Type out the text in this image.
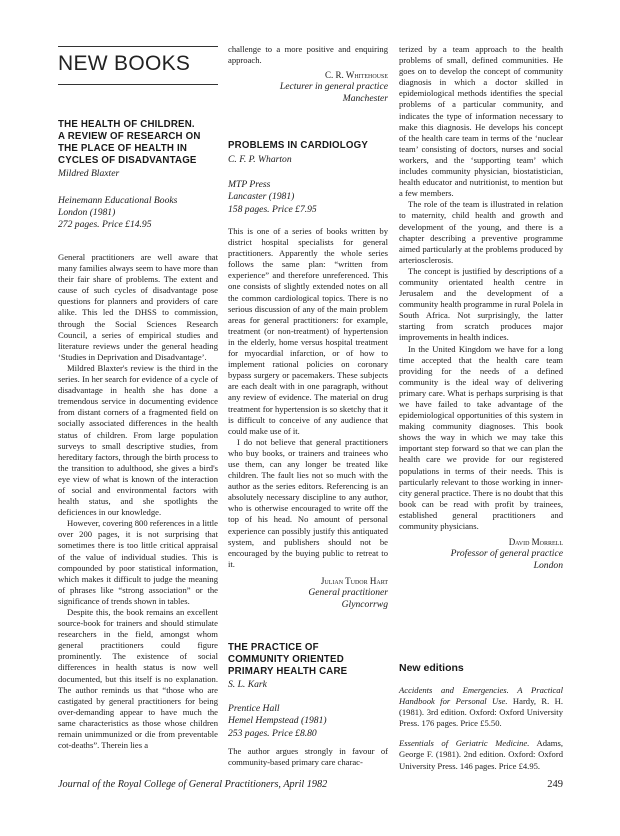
NEW BOOKS
THE HEALTH OF CHILDREN.
A REVIEW OF RESEARCH ON
THE PLACE OF HEALTH IN
CYCLES OF DISADVANTAGE
Mildred Blaxter
Heinemann Educational Books
London (1981)
272 pages. Price £14.95

General practitioners are well aware that many families always seem to have more than their fair share of problems. The extent and cause of such cycles of disadvantage pose questions for planners and providers of care alike. This led the DHSS to commission, through the Social Sciences Research Council, a series of empirical studies and literature reviews under the general heading ‘Studies in Deprivation and Disadvantage’.

Mildred Blaxter's review is the third in the series. In her search for evidence of a cycle of disadvantage in health she has done a tremendous service in documenting evidence from distant corners of a fragmented field on socially associated differences in the health status of children. From large population surveys to small descriptive studies, from hereditary factors, through the birth process to the transition to adulthood, she gives a bird's eye view of what is known of the interaction of social and environmental factors with health status, and she spotlights the deficiences in our knowledge.

However, covering 800 references in a little over 200 pages, it is not surprising that sometimes there is too little critical appraisal of the value of individual studies. This is compounded by poor statistical information, which makes it difficult to judge the meaning of phrases like “strong association” or the significance of trends shown in tables.

Despite this, the book remains an excellent source-book for trainers and should stimulate researchers in the field, amongst whom general practitioners could figure prominently. The existence of social differences in health status is now well documented, but this itself is no explanation. The author reminds us that “those who are castigated by general practitioners for being over-demanding appear to have much the same characteristics as those whose children remain unimmunized or die from preventable cot-deaths”. Therein lies a

challenge to a more positive and enquiring approach.

C. R. Whitehouse
Lecturer in general practice
Manchester
PROBLEMS IN CARDIOLOGY
C. F. P. Wharton
MTP Press
Lancaster (1981)
158 pages. Price £7.95

This is one of a series of books written by district hospital specialists for general practitioners. Apparently the whole series follows the same plan: “written from experience” and therefore unreferenced. This one consists of slightly extended notes on all the common cardiological topics. There is no serious discussion of any of the main problem areas for general practitioners: for example, treatment (or non-treatment) of hypertension in the elderly, home versus hospital treatment for myocardial infarction, or of how to implement rational policies on coronary bypass surgery or pacemakers. These subjects are each dealt with in one paragraph, without any review of evidence. The material on drug treatment for hypertension is so sketchy that it is difficult to conceive of any audience that could make use of it.

I do not believe that general practitioners who buy books, or trainers and trainees who use them, can any longer be treated like children. The fault lies not so much with the author as the series editors. Referencing is an absolutely necessary discipline to any author, who is otherwise encouraged to write off the top of his head. No amount of personal experience can possibly justify this antiquated system, and publishers should not be encouraged by the buying public to retreat to it.

Julian Tudor Hart
General practitioner
Glyncorrwg
THE PRACTICE OF
COMMUNITY ORIENTED
PRIMARY HEALTH CARE
S. L. Kark
Prentice Hall
Hemel Hempstead (1981)
253 pages. Price £8.80

The author argues strongly in favour of community-based primary care charac-

terized by a team approach to the health problems of small, defined communities. He goes on to develop the concept of community diagnosis in which a doctor skilled in epidemiological methods identifies the special problems of a particular community, and indicates the type of information necessary to make this diagnosis. He develops his concept of the health care team in terms of the ‘nuclear team’ consisting of doctors, nurses and social workers, and the ‘supporting team’ which includes community physician, biostatistician, health educator and nutritionist, to mention but a few members.

The role of the team is illustrated in relation to maternity, child health and growth and development of the young, and there is a chapter describing a preventive programme aimed particularly at the problems produced by arteriosclerosis.

The concept is justified by descriptions of a community orientated health centre in Jerusalem and the development of a community health programme in rural Polela in South Africa. Not surprisingly, the latter starting from scratch produces major improvements in health indices.

In the United Kingdom we have for a long time accepted that the health care team providing for the needs of a defined community is the ideal way of delivering primary care. What is perhaps surprising is that we have failed to take advantage of the epidemiological opportunities of this system in making community diagnoses. This book shows the way in which we may take this important step forward so that we can plan the health care we provide for our registered populations in terms of their needs. This is particularly relevant to those working in inner-city general practice. There is no doubt that this book can be read with profit by trainees, established general practitioners and community physicians.

David Morrell
Professor of general practice
London
New editions

Accidents and Emergencies. A Practical Handbook for Personal Use. Hardy, R. H. (1981). 3rd edition. Oxford: Oxford University Press. 176 pages. Price £5.50.

Essentials of Geriatric Medicine. Adams, George F. (1981). 2nd edition. Oxford: Oxford University Press. 146 pages. Price £4.95.

Journal of the Royal College of General Practitioners, April 1982	249
